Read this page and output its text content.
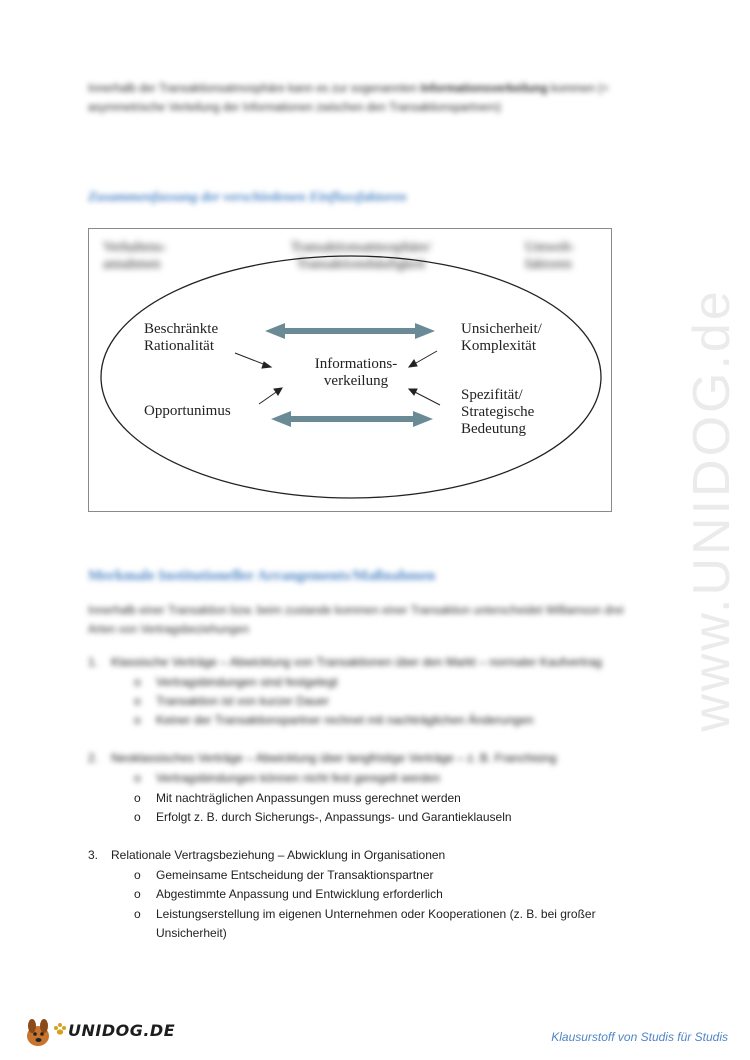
Innerhalb der Transaktionsatmosphäre kann es zur sogenannten Informationsverkeilung kommen (= asymmetrische Verteilung der Informationen zwischen den Transaktionspartnern)
Zusammenfassung der verschiedenen Einflussfaktoren
Verhaltens- annahmen
Transaktionsatmosphäre/ Transaktionshäufigkeit
Umwelt- faktoren
Beschränkte
Rationalität
Opportunimus
Informations-
verkeilung
Unsicherheit/
Komplexität
Spezifität/
Strategische
Bedeutung
Merkmale Institutioneller Arrangements/Maßnahmen
Innerhalb einer Transaktion bzw. beim zustande kommen einer Transaktion unterscheidet Williamson drei Arten von Vertragsbeziehungen
1. Klassische Verträge – Abwicklung von Transaktionen über den Markt – normaler Kaufvertrag
o Vertragsbindungen sind festgelegt
o Transaktion ist von kurzer Dauer
o Keiner der Transaktionspartner rechnet mit nachträglichen Änderungen
2. Neoklassisches Verträge – Abwicklung über langfristige Verträge – z. B. Franchising
o Vertragsbindungen können nicht fest geregelt werden
o Mit nachträglichen Anpassungen muss gerechnet werden
o Erfolgt z. B. durch Sicherungs-, Anpassungs- und Garantieklauseln
3. Relationale Vertragsbeziehung – Abwicklung in Organisationen
o Gemeinsame Entscheidung der Transaktionspartner
o Abgestimmte Anpassung und Entwicklung erforderlich
o Leistungserstellung im eigenen Unternehmen oder Kooperationen (z. B. bei großer Unsicherheit)
www.UNIDOG.de
UNIDOG.DE	Klausurstoff von Studis für Studis
